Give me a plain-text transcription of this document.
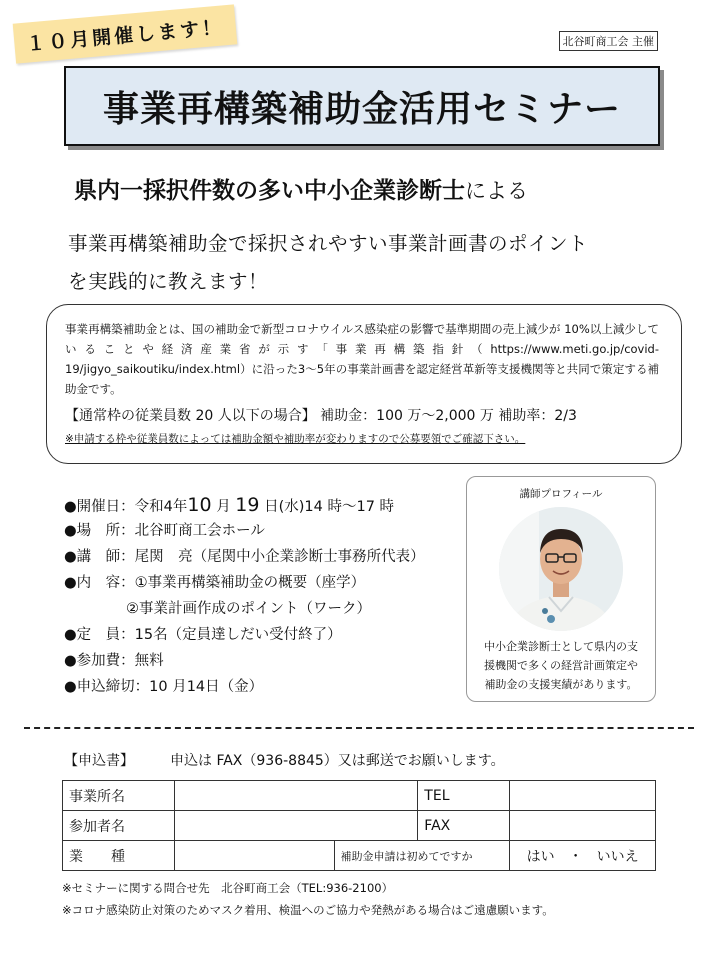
１０月開催します！	北谷町商工会 主催
事業再構築補助金活用セミナー
県内一採択件数の多い中小企業診断士による
事業再構築補助金で採択されやすい事業計画書のポイント
を実践的に教えます！
事業再構築補助金とは、国の補助金で新型コロナウイルス感染症の影響で基準期間の売上減少が 10%以上減少していることや経済産業省が示す「事業再構築指針（https://www.meti.go.jp/covid-19/jigyo_saikoutiku/index.html）に沿った3～5年の事業計画書を認定経営革新等支援機関等と共同で策定する補助金です。
【通常枠の従業員数 20 人以下の場合】 補助金：100 万～2,000 万 補助率：2/3
※申請する枠や従業員数によっては補助金額や補助率が変わりますので公募要領でご確認下さい。
●開催日：令和4年10 月 19 日(水)14 時～17 時
●場　所：北谷町商工会ホール
●講　師：尾関　亮（尾関中小企業診断士事務所代表）
●内　容：①事業再構築補助金の概要（座学）
②事業計画作成のポイント（ワーク）
●定　員：15名（定員達しだい受付終了）
●参加費：無料
●申込締切：10 月14日（金）
講師プロフィール
中小企業診断士として県内の支
援機関で多くの経営計画策定や
補助金の支援実績があります。
【申込書】	申込は FAX（936-8845）又は郵送でお願いします。
事業所名			TEL	
参加者名			FAX	
業　　種		補助金申請は初めてですか		はい　・　いいえ
※セミナーに関する問合せ先　北谷町商工会（TEL:936-2100）
※コロナ感染防止対策のためマスク着用、検温へのご協力や発熱がある場合はご遠慮願います。
